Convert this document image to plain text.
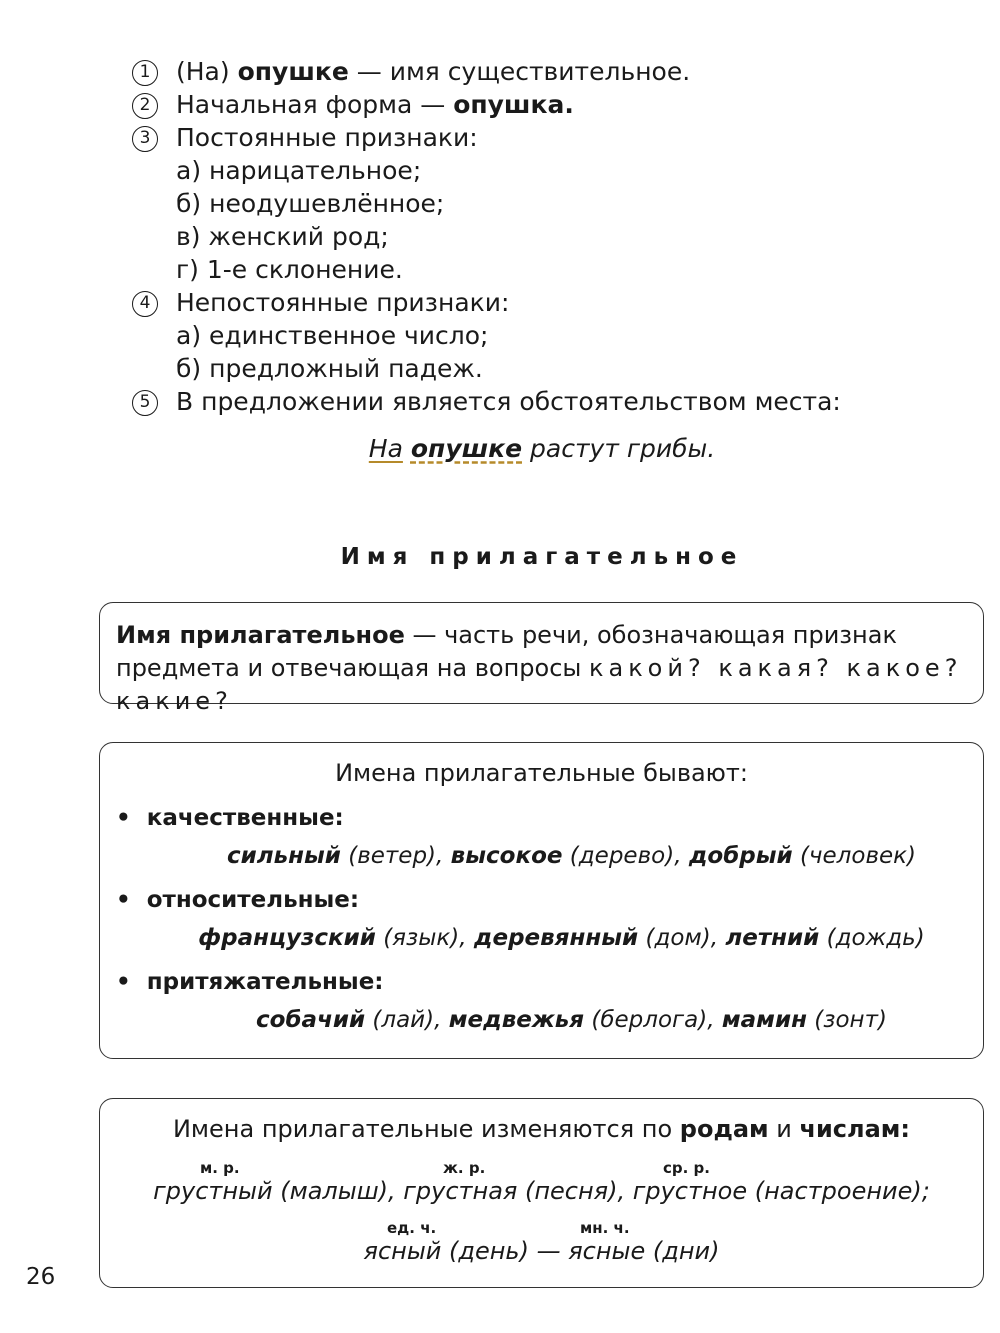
1	(На) опушке — имя существительное.
2	Начальная форма — опушка.
3	Постоянные признаки:
а) нарицательное;
б) неодушевлённое;
в) женский род;
г) 1-е склонение.
4	Непостоянные признаки:
а) единственное число;
б) предложный падеж.
5	В предложении является обстоятельством места:
На опушке растут грибы.
Имя прилагательное
Имя прилагательное — часть речи, обозначающая признак предмета и отвечающая на вопросы какой? какая? какое? какие?
Имена прилагательные бывают:
•  качественные:
сильный (ветер), высокое (дерево), добрый (человек)
•  относительные:
французский (язык), деревянный (дом), летний (дождь)
•  притяжательные:
собачий (лай), медвежья (берлога), мамин (зонт)
Имена прилагательные изменяются по родам и числам:
м. р.	ж. р.	ср. р.
грустный (малыш), грустная (песня), грустное (настроение);
ед. ч.	мн. ч.
ясный (день) — ясные (дни)
26
